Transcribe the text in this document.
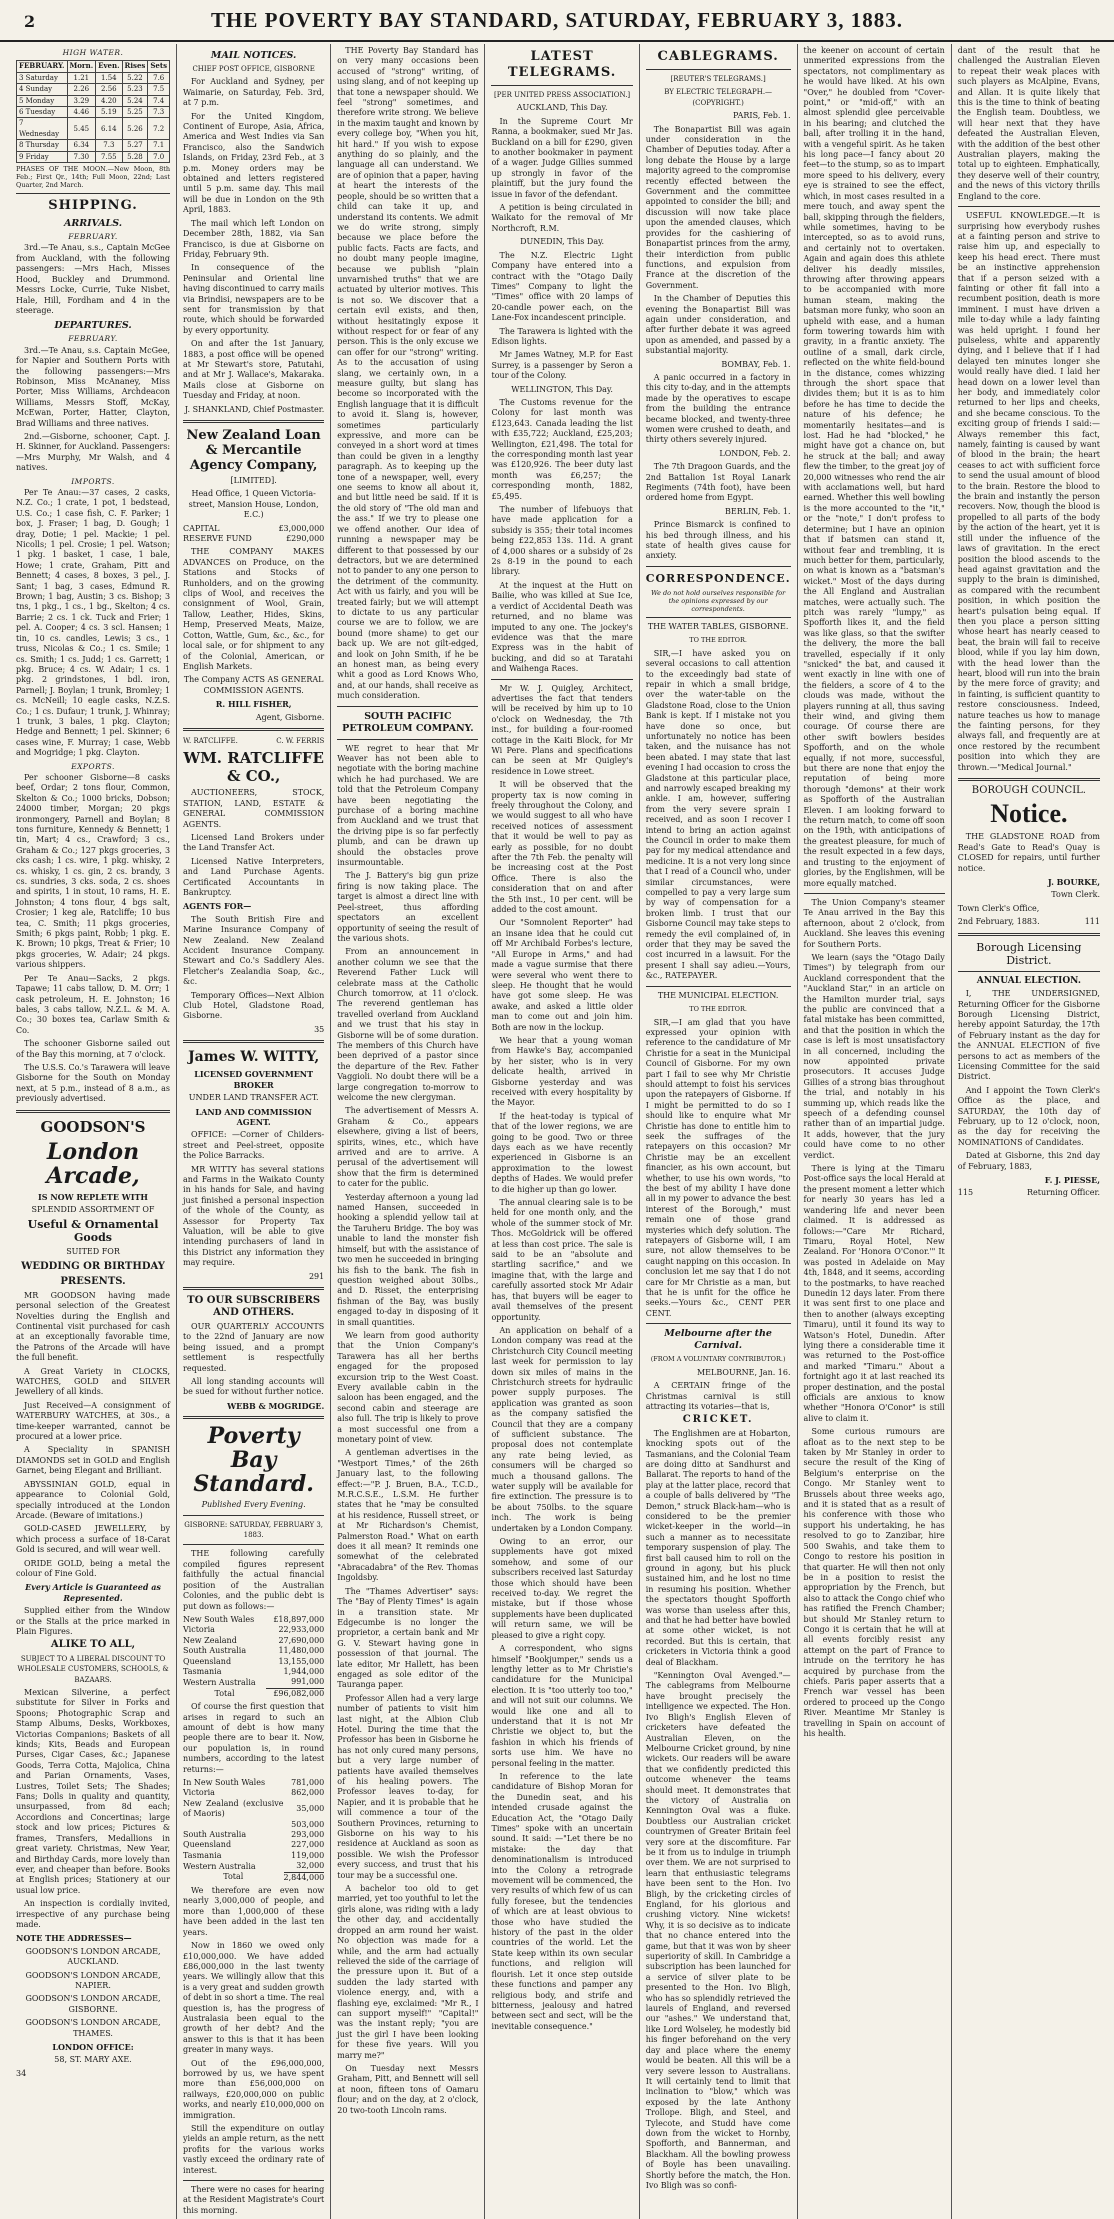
2	THE POVERTY BAY STANDARD, SATURDAY, FEBRUARY 3, 1883.
HIGH WATER.
FEBRUARY.	Morn.	Even.	Rises	Sets
3 Saturday	1.21	1.54	5.22	7.6
4 Sunday	2.26	2.56	5.23	7.5
5 Monday	3.29	4.20	5.24	7.4
6 Tuesday	4.46	5.19	5.25	7.3
7 Wednesday	5.45	6.14	5.26	7.2
8 Thursday	6.34	7.3	5.27	7.1
9 Friday	7.30	7.55	5.28	7.0

PHASES OF THE MOON.—New Moon, 8th Feb.; First Qr., 14th; Full Moon, 22nd; Last Quarter, 2nd March.

SHIPPING.
ARRIVALS.
FEBRUARY.

3rd.—Te Anau, s.s., Captain McGee from Auckland, with the following passengers: —Mrs Hach, Misses Hood, Buckley and Drummond. Messrs Locke, Currie, Tuke Nisbet, Hale, Hill, Fordham and 4 in the steerage.

DEPARTURES.
FEBRUARY.

3rd.—Te Anau, s.s. Captain McGee, for Napier and Southern Ports with the following passengers:—Mrs Robinson, Miss McAnaney, Miss Porter, Miss Williams, Archdeacon Williams, Messrs Stoff, McKay, McEwan, Porter, Hatter, Clayton, Brad Williams and three natives.

2nd.—Gisborne, schooner, Capt. J. H. Skinner, for Auckland. Passengers: —Mrs Murphy, Mr Walsh, and 4 natives.

IMPORTS.

Per Te Anau:—37 cases, 2 casks, N.Z. Co.; 1 crate, 1 pot, 1 bedstead, U.S. Co.; 1 case fish, C. F. Parker; 1 box, J. Fraser; 1 bag, D. Gough; 1 dray, Dotie; 1 pel. Mackie; 1 pel. Nicolls; 1 pel. Crosie; 1 pel. Watson; 1 pkg. 1 basket, 1 case, 1 bale, Howe; 1 crate, Graham, Pitt and Bennett; 4 cases, 8 boxes, 3 pel., J. Sant; 1 bag, 3 cases, Edmund R. Brown; 1 bag, Austin; 3 cs. Bishop; 3 tns, 1 pkg., 1 cs., 1 bg., Skelton; 4 cs. Barrie; 2 cs. 1 ck. Tuck and Frier; 1 pel. A. Cooper; 4 cs. 3 scl. Hansen; 1 tin, 10 cs. candles, Lewis; 3 cs., 1 truss, Nicolas & Co.; 1 cs. Smile; 1 cs. Smith; 1 cs. Judd; 1 cs. Garrett; 1 pkg. Bruce; 4 cs. W. Adair; 1 cs. 1 pkg. 2 grindstones, 1 bdl. iron, Parnell; J. Boylan; 1 trunk, Bromley; 1 cs. McNeill; 10 eagle casks, N.Z.S. Co.; 1 cs. Dufaur; 1 trunk, J. Whinray; 1 trunk, 3 bales, 1 pkg. Clayton; Hedge and Bennett; 1 pel. Skinner; 6 cases wine, F. Murray; 1 case, Webb and Mogridge; 1 pkg. Clayton.

EXPORTS.

Per schooner Gisborne—8 casks beef, Ordar; 2 tons flour, Common, Skelton & Co.; 1000 bricks, Dobson; 24000 timber, Morgan; 20 pkgs ironmongery, Parnell and Boylan; 8 tons furniture, Kennedy & Bennett; 1 tin, Mart; 4 cs., Crawford; 3 cs., Graham & Co.; 127 pkgs groceries, 3 cks cash; 1 cs. wire, 1 pkg. whisky, 2 cs. whisky, 1 cs. gin, 2 cs. brandy, 3 cs. sundries, 3 cks. soda, 2 cs. shoes and spirits, 1 in stout, 10 rams, H. E. Johnston; 4 tons flour, 4 bgs salt, Crosier; 1 keg ale, Ratcliffe; 10 bus tea, C. Smith; 11 pkgs groceries, Smith; 6 pkgs paint, Robb; 1 pkg. E. K. Brown; 10 pkgs, Treat & Frier; 10 pkgs groceries, W. Adair; 24 pkgs. various shippers.

Per Te Anau—Sacks, 2 pkgs. Tapawe; 11 cabs tallow, D. M. Orr; 1 cask petroleum, H. E. Johnston; 16 bales, 3 cabs tallow, N.Z.L. & M. A. Co.; 30 boxes tea, Carlaw Smith & Co.

The schooner Gisborne sailed out of the Bay this morning, at 7 o'clock.

The U.S.S. Co.'s Tarawera will leave Gisborne for the South on Monday next, at 5 p.m., instead of 8 a.m., as previously advertised.

GOODSON'S
London Arcade,

IS NOW REPLETE WITH

SPLENDID ASSORTMENT OF

Useful & Ornamental Goods

SUITED FOR

WEDDING OR BIRTHDAY

PRESENTS.

MR GOODSON having made personal selection of the Greatest Novelties during the English and Continental visit purchased for cash at an exceptionally favorable time, the Patrons of the Arcade will have the full benefit.

A Great Variety in CLOCKS, WATCHES, GOLD and SILVER Jewellery of all kinds.

Just Received—A consignment of WATERBURY WATCHES, at 30s., a time-keeper warranted, cannot be procured at a lower price.

A Speciality in SPANISH DIAMONDS set in GOLD and English Garnet, being Elegant and Brilliant.

ABYSSINIAN GOLD, equal in appearance to Colonial Gold, specially introduced at the London Arcade. (Beware of imitations.)

GOLD-CASED JEWELLERY, by which process a surface of 18-Carat Gold is secured, and will wear well.

ORIDE GOLD, being a metal the colour of Fine Gold.

Every Article is Guaranteed as Represented.

Supplied either from the Window or the Stalls at the price marked in Plain Figures.

ALIKE TO ALL,

SUBJECT TO A LIBERAL DISCOUNT TO WHOLESALE CUSTOMERS, SCHOOLS, & BAZAARS.

Mexican Silverine, a perfect substitute for Silver in Forks and Spoons; Photographic Scrap and Stamp Albums, Desks, Workboxes, Victorias Companions; Baskets of all kinds; Kits, Beads and European Purses, Cigar Cases, &c.; Japanese Goods, Terra Cotta, Majolica, China and Parian Ornaments, Vases, Lustres, Toilet Sets; The Shades; Fans; Dolls in quality and quantity, unsurpassed, from 8d each; Accordions and Concertinas; large stock and low prices; Pictures & frames, Transfers, Medallions in great variety. Christmas, New Year, and Birthday Cards, more lovely than ever, and cheaper than before. Books at English prices; Stationery at our usual low price.

An inspection is cordially invited, irrespective of any purchase being made.

NOTE THE ADDRESSES—

GOODSON'S LONDON ARCADE, AUCKLAND.

GOODSON'S LONDON ARCADE, NAPIER.

GOODSON'S LONDON ARCADE, GISBORNE.

GOODSON'S LONDON ARCADE, THAMES.

LONDON OFFICE:

58, ST. MARY AXE.

34

MAIL NOTICES.

CHIEF POST OFFICE, GISBORNE

For Auckland and Sydney, per Waimarie, on Saturday, Feb. 3rd, at 7 p.m.

For the United Kingdom, Continent of Europe, Asia, Africa, America and West Indies via San Francisco, also the Sandwich Islands, on Friday, 23rd Feb., at 3 p.m. Money orders may be obtained and letters registered until 5 p.m. same day. This mail will be due in London on the 9th April, 1883.

The mail which left London on December 28th, 1882, via San Francisco, is due at Gisborne on Friday, February 9th.

In consequence of the Peninsular and Oriental line having discontinued to carry mails via Brindisi, newspapers are to be sent for transmission by that route, which should be forwarded by every opportunity.

On and after the 1st January, 1883, a post office will be opened at Mr Stewart's store, Patutahi, and at Mr J. Wallace's, Makaraka. Mails close at Gisborne on Tuesday and Friday, at noon.

J. SHANKLAND, Chief Postmaster.

New Zealand Loan & Mercantile Agency Company,

[LIMITED].

Head Office, 1 Queen Victoria-street, Mansion House, London, E.C.)

CAPITAL	£3,000,000
RESERVE FUND	£290,000

THE COMPANY MAKES ADVANCES on Produce, on the Stations and Stocks of Runholders, and on the growing clips of Wool, and receives the consignment of Wool, Grain, Tallow, Leather, Hides, Skins, Hemp, Preserved Meats, Maize, Cotton, Wattle, Gum, &c., &c., for local sale, or for shipment to any of the Colonial, American, or English Markets.

The Company ACTS AS GENERAL COMMISSION AGENTS.

R. HILL FISHER,

Agent, Gisborne.

W. RATCLIFFE.	C. W. FERRIS
WM. RATCLIFFE & CO.,

AUCTIONEERS, STOCK, STATION, LAND, ESTATE & GENERAL COMMISSION AGENTS.

Licensed Land Brokers under the Land Transfer Act.

Licensed Native Interpreters, and Land Purchase Agents. Certificated Accountants in Bankruptcy.

AGENTS FOR—

The South British Fire and Marine Insurance Company of New Zealand. New Zealand Accident Insurance Company. Stewart and Co.'s Saddlery Ales. Fletcher's Zealandia Soap, &c., &c.

Temporary Offices—Next Albion Club Hotel, Gladstone Road, Gisborne.

35

James W. WITTY,

LICENSED GOVERNMENT BROKER

UNDER LAND TRANSFER ACT.

LAND AND COMMISSION AGENT.

OFFICE: —Corner of Childers-street and Peel-street, opposite the Police Barracks.

MR WITTY has several stations and Farms in the Waikato County in his hands for Sale, and having just finished a personal inspection of the whole of the County, as Assessor for Property Tax Valuation, will be able to give intending purchasers of land in this District any information they may require.

291

TO OUR SUBSCRIBERS AND OTHERS.

OUR QUARTERLY ACCOUNTS to the 22nd of January are now being issued, and a prompt settlement is respectfully requested.

All long standing accounts will be sued for without further notice.

WEBB & MOGRIDGE.

Poverty Bay Standard.

Published Every Evening.

GISBORNE: SATURDAY, FEBRUARY 3, 1883.

THE following carefully compiled figures represent faithfully the actual financial position of the Australian Colonies, and the public debt is put down as follows:—

New South Wales	£18,897,000
Victoria	22,933,000
New Zealand	27,690,000
South Australia	11,480,000
Queensland	13,155,000
Tasmania	1,944,000
Western Australia	991,000
Total	£96,082,000

Of course the first question that arises in regard to such an amount of debt is how many people there are to bear it. Now, our population is, in round numbers, according to the latest returns:—

In New South Wales	781,000
Victoria	862,000
New Zealand (exclusive of Maoris)	35,000
	503,000
South Australia	293,000
Queensland	227,000
Tasmania	119,000
Western Australia	32,000
Total	2,844,000

We therefore are even now nearly 3,000,000 of people, and more than 1,000,000 of these have been added in the last ten years.

Now in 1860 we owed only £10,000,000. We have added £86,000,000 in the last twenty years. We willingly allow that this is a very great and sudden growth of debt in so short a time. The real question is, has the progress of Australasia been equal to the growth of her debt? And the answer to this is that it has been greater in many ways.

Out of the £96,000,000, borrowed by us, we have spent more than £56,000,000 on railways, £20,000,000 on public works, and nearly £10,000,000 on immigration.

Still the expenditure on outlay yields an ample return, as the nett profits for the various works vastly exceed the ordinary rate of interest.

There were no cases for hearing at the Resident Magistrate's Court this morning.

THE Poverty Bay Standard has on very many occasions been accused of "strong" writing, of using slang, and of not keeping up that tone a newspaper should. We feel "strong" sometimes, and therefore write strong. We believe in the maxim taught and known by every college boy, "When you hit, hit hard." If you wish to expose anything do so plainly, and the language all can understand. We are of opinion that a paper, having at heart the interests of the people, should be so written that a child can take it up, and understand its contents. We admit we do write strong, simply because we place before the public facts. Facts are facts, and no doubt many people imagine, because we publish "plain unvarnished truths" that we are actuated by ulterior motives. This is not so. We discover that a certain evil exists, and then, without hesitatingly expose it without respect for or fear of any person. This is the only excuse we can offer for our "strong" writing. As to the accusation of using slang, we certainly own, in a measure guilty, but slang has become so incorporated with the English language that it is difficult to avoid it. Slang is, however, sometimes particularly expressive, and more can be conveyed in a short word at times than could be given in a lengthy paragraph. As to keeping up the tone of a newspaper, well, every one seems to know all about it, and but little need be said. If it is the old story of "The old man and the ass." If we try to please one we offend another. Our idea of running a newspaper may be different to that possessed by our detractors, but we are determined not to pander to any one person to the detriment of the community. Act with us fairly, and you will be treated fairly; but we will attempt to dictate to us any particular course we are to follow, we are bound (more shame) to get our back up. We are not gilt-edged, and look on John Smith, if he be an honest man, as being every whit a good as Lord Knows Who, and, at our hands, shall receive as much consideration.

SOUTH PACIFIC PETROLEUM COMPANY.

WE regret to hear that Mr Weaver has not been able to negotiate with the boring machine which he had purchased. We are told that the Petroleum Company have been negotiating the purchase of a boring machine from Auckland and we trust that the driving pipe is so far perfectly plumb, and can be drawn up should the obstacles prove insurmountable.

The J. Battery's big gun prize firing is now taking place. The target is almost a direct line with Peel-street, thus affording spectators an excellent opportunity of seeing the result of the various shots.

From an announcement in another column we see that the Reverend Father Luck will celebrate mass at the Catholic Church tomorrow, at 11 o'clock. The reverend gentleman has travelled overland from Auckland and we trust that his stay in Gisborne will be of some duration. The members of this Church have been deprived of a pastor since the departure of the Rev. Father Vaggioli. No doubt there will be a large congregation to-morrow to welcome the new clergyman.

The advertisement of Messrs A. Graham & Co., appears elsewhere, giving a list of beers, spirits, wines, etc., which have arrived and are to arrive. A perusal of the advertisement will show that the firm is determined to cater for the public.

Yesterday afternoon a young lad named Hansen, succeeded in hooking a splendid yellow tail at the Taruheru Bridge. The boy was unable to land the monster fish himself, but with the assistance of two men he succeeded in bringing his fish to the bank. The fish in question weighed about 30lbs., and D. Risset, the enterprising fishman of the Bay, was busily engaged to-day in disposing of it in small quantities.

We learn from good authority that the Union Company's Tarawera has all her berths engaged for the proposed excursion trip to the West Coast. Every available cabin in the saloon has been engaged, and the second cabin and steerage are also full. The trip is likely to prove a most successful one from a monetary point of view.

A gentleman advertises in the "Westport Times," of the 26th January last, to the following effect:—"P. J. Bruen, B.A., T.C.D., M.R.C.S.E., L.S.M. He further states that he "may be consulted at his residence, Russell street, or at Mr Richardson's Chemist, Palmerston Road." What on earth does it all mean? It reminds one somewhat of the celebrated "Abracadabra" of the Rev. Thomas Ingoldsby.

The "Thames Advertiser" says: The "Bay of Plenty Times" is again in a transition state. Mr Edgecumbe is no longer the proprietor, a certain bank and Mr G. V. Stewart having gone in possession of that journal. The late editor, Mr Hallett, has been engaged as sole editor of the Tauranga paper.

Professor Allen had a very large number of patients to visit him last night, at the Albion Club Hotel. During the time that the Professor has been in Gisborne he has not only cured many persons, but a very large number of patients have availed themselves of his healing powers. The Professor leaves to-day, for Napier, and it is probable that he will commence a tour of the Southern Provinces, returning to Gisborne on his way to his residence at Auckland as soon as possible. We wish the Professor every success, and trust that his tour may be a successful one.

A bachelor too old to get married, yet too youthful to let the girls alone, was riding with a lady the other day, and accidentally dropped an arm round her waist. No objection was made for a while, and the arm had actually relieved the side of the carriage of the pressure upon it. But of a sudden the lady started with violence energy, and, with a flashing eye, exclaimed: "Mr R., I can support myself!" "Capital!" was the instant reply; "you are just the girl I have been looking for these five years. Will you marry me?"

On Tuesday next Messrs Graham, Pitt, and Bennett will sell at noon, fifteen tons of Oamaru flour; and on the day, at 2 o'clock, 20 two-tooth Lincoln rams.

LATEST TELEGRAMS.

[PER UNITED PRESS ASSOCIATION.]

AUCKLAND, This Day.

In the Supreme Court Mr Ranna, a bookmaker, sued Mr Jas. Buckland on a bill for £290, given to another bookmaker in payment of a wager. Judge Gillies summed up strongly in favor of the plaintiff, but the jury found the issue in favor of the defendant.

A petition is being circulated in Waikato for the removal of Mr Northcroft, R.M.

DUNEDIN, This Day.

The N.Z. Electric Light Company have entered into a contract with the "Otago Daily Times" Company to light the "Times" office with 20 lamps of 20-candle power each, on the Lane-Fox incandescent principle.

The Tarawera is lighted with the Edison lights.

Mr James Watney, M.P. for East Surrey, is a passenger by Seron a tour of the Colony.

WELLINGTON, This Day.

The Customs revenue for the Colony for last month was £123,643. Canada leading the list with £35,722; Auckland, £25,203; Wellington, £21,498. The total for the corresponding month last year was £120,926. The beer duty last month was £6,257; the corresponding month, 1882, £5,495.

The number of lifebuoys that have made application for a subsidy is 355; their total incomes being £22,853 13s. 11d. A grant of 4,000 shares or a subsidy of 2s 2s 8-19 in the pound to each library.

At the inquest at the Hutt on Bailie, who was killed at Sue Ice, a verdict of Accidental Death was returned, and no blame was imputed to any one. The jockey's evidence was that the mare Express was in the habit of bucking, and did so at Taratahi and Waihenga Races.

Mr W. J. Quigley, Architect, advertises the fact that tenders will be received by him up to 10 o'clock on Wednesday, the 7th inst., for building a four-roomed cottage in the Kaiti Block, for Mr Wi Pere. Plans and specifications can be seen at Mr Quigley's residence in Lowe street.

It will be observed that the property tax is now coming in freely throughout the Colony, and we would suggest to all who have received notices of assessment that it would be well to pay as early as possible, for no doubt after the 7th Feb. the penalty will be increasing cost at the Post Office. There is also the consideration that on and after the 5th inst., 10 per cent. will be added to the cost amount.

Our "Somnolent Reporter" had an insane idea that he could cut off Mr Archibald Forbes's lecture, "All Europe in Arms," and had made a vague surmise that there were several who went there to sleep. He thought that he would have got some sleep. He was awake, and asked a little older man to come out and join him. Both are now in the lockup.

We hear that a young woman from Hawke's Bay, accompanied by her sister, who is in very delicate health, arrived in Gisborne yesterday and was received with every hospitality by the Mayor.

If the heat-today is typical of that of the lower regions, we are going to be good. Two or three days each as we have recently experienced in Gisborne is an approximation to the lowest depths of Hades. We would prefer to die higher up than go lower.

The annual clearing sale is to be held for one month only, and the whole of the summer stock of Mr. Thos. McGoldrick will be offered at less than cost price. The sale is said to be an "absolute and startling sacrifice," and we imagine that, with the large and carefully assorted stock Mr Adair has, that buyers will be eager to avail themselves of the present opportunity.

An application on behalf of a London company was read at the Christchurch City Council meeting last week for permission to lay down six miles of mains in the Christchurch streets for hydraulic power supply purposes. The application was granted as soon as the company satisfied the Council that they are a company of sufficient substance. The proposal does not contemplate any rate being levied, as consumers will be charged so much a thousand gallons. The water supply will be available for fire extinction. The pressure is to be about 750lbs. to the square inch. The work is being undertaken by a London Company.

Owing to an error, our supplements have got mixed somehow, and some of our subscribers received last Saturday those which should have been received to-day. We regret the mistake, but if those whose supplements have been duplicated will return same, we will be pleased to give a right copy.

A correspondent, who signs himself "Bookjumper," sends us a lengthy letter as to Mr Christie's candidature for the Municipal election. It is "too utterly too too," and will not suit our columns. We would like one and all to understand that it is not Mr Christie we object to, but the fashion in which his friends of sorts use him. We have no personal feeling in the matter.

In reference to the late candidature of Bishop Moran for the Dunedin seat, and his intended crusade against the Education Act, the "Otago Daily Times" spoke with an uncertain sound. It said: —"Let there be no mistake: the day that denominationalism is introduced into the Colony a retrograde movement will be commenced, the very results of which few of us can fully foresee, but the tendencies of which are at least obvious to those who have studied the history of the past in the older countries of the world. Let the State keep within its own secular functions, and religion will flourish. Let it once step outside these functions and pamper any religious body, and strife and bitterness, jealousy and hatred between sect and sect, will be the inevitable consequence."

CABLEGRAMS.

[REUTER'S TELEGRAMS.]

BY ELECTRIC TELEGRAPH.—(COPYRIGHT.)

PARIS, Feb. 1.

The Bonapartist Bill was again under consideration in the Chamber of Deputies today. After a long debate the House by a large majority agreed to the compromise recently effected between the Government and the committee appointed to consider the bill; and discussion will now take place upon the amended clauses, which provides for the cashiering of Bonapartist princes from the army, their interdiction from public functions, and expulsion from France at the discretion of the Government.

In the Chamber of Deputies this evening the Bonapartist Bill was again under consideration, and after further debate it was agreed upon as amended, and passed by a substantial majority.

BOMBAY, Feb. 1.

A panic occurred in a factory in this city to-day, and in the attempts made by the operatives to escape from the building the entrance became blocked, and twenty-three women were crushed to death, and thirty others severely injured.

LONDON, Feb. 2.

The 7th Dragoon Guards, and the 2nd Battalion 1st Royal Lanark Regiments (74th foot), have been ordered home from Egypt.

BERLIN, Feb. 1.

Prince Bismarck is confined to his bed through illness, and his state of health gives cause for anxiety.

CORRESPONDENCE.

We do not hold ourselves responsible for the opinions expressed by our correspondents.

THE WATER TABLES, GISBORNE.

TO THE EDITOR.

SIR,—I have asked you on several occasions to call attention to the exceedingly bad state of repair in which a small bridge, over the water-table on the Gladstone Road, close to the Union Bank is kept. If I mistake not you have done so once, but unfortunately no notice has been taken, and the nuisance has not been abated. I may state that last evening I had occasion to cross the Gladstone at this particular place, and narrowly escaped breaking my ankle. I am, however, suffering from the very severe sprain I received, and as soon I recover I intend to bring an action against the Council in order to make them pay for my medical attendance and medicine. It is a not very long since that I read of a Council who, under similar circumstances, were compelled to pay a very large sum by way of compensation for a broken limb. I trust that our Gisborne Council may take steps to remedy the evil complained of, in order that they may be saved the cost incurred in a lawsuit. For the present I shall say adieu.—Yours, &c., RATEPAYER.

THE MUNICIPAL ELECTION.

TO THE EDITOR.

SIR,—I am glad that you have expressed your opinion with reference to the candidature of Mr Christie for a seat in the Municipal Council of Gisborne. For my own part I fail to see why Mr Christie should attempt to foist his services upon the ratepayers of Gisborne. If I might be permitted to do so I should like to enquire what Mr Christie has done to entitle him to seek the suffrages of the ratepayers on this occasion? Mr Christie may be an excellent financier, as his own account, but whether, to use his own words, "to the best of my ability I have done all in my power to advance the best interest of the Borough," must remain one of those grand mysteries which defy solution. The ratepayers of Gisborne will, I am sure, not allow themselves to be caught napping on this occasion. In conclusion let me say that I do not care for Mr Christie as a man, but that he is unfit for the office he seeks.—Yours &c., CENT PER CENT.

Melbourne after the Carnival.

(FROM A VOLUNTARY CONTRIBUTOR.)

MELBOURNE, Jan. 16.

A CERTAIN fringe of the Christmas carnival is still attracting its votaries—that is,

CRICKET.

The Englishmen are at Hobarton, knocking spots out of the Tasmanians, and the Colonial Team are doing ditto at Sandhurst and Ballarat. The reports to hand of the play at the latter place, record that a couple of balls delivered by "The Demon," struck Black-ham—who is considered to be the premier wicket-keeper in the world—in such a manner as to necessitate temporary suspension of play. The first ball caused him to roll on the ground in agony, but his pluck sustained him, and he lost no time in resuming his position. Whether the spectators thought Spofforth was worse than useless after this, and that he had better have bowled at some other wicket, is not recorded. But this is certain, that cricketers in Victoria think a good deal of Blackham.

"Kennington Oval Avenged."—The cablegrams from Melbourne have brought precisely the intelligence we expected. The Hon. Ivo Bligh's English Eleven of cricketers have defeated the Australian Eleven, on the Melbourne Cricket ground, by nine wickets. Our readers will be aware that we confidently predicted this outcome whenever the teams should meet. It demonstrates that the victory of Australia on Kennington Oval was a fluke. Doubtless our Australian cricket countrymen of Greater Britain feel very sore at the discomfiture. Far be it from us to indulge in triumph over them. We are not surprised to learn that enthusiastic telegrams have been sent to the Hon. Ivo Bligh, by the cricketing circles of England, for his glorious and crushing victory. Nine wickets! Why, it is so decisive as to indicate that no chance entered into the game, but that it was won by sheer superiority of skill. In Cambridge a subscription has been launched for a service of silver plate to be presented to the Hon. Ivo Bligh, who has so splendidly retrieved the laurels of England, and reversed our "ashes." We understand that, like Lord Wolseley, he modestly bid his finger beforehand on the very day and place where the enemy would be beaten. All this will be a very severe lesson to Australians. It will certainly tend to limit that inclination to "blow," which was exposed by the late Anthony Trollope. Bligh, and Steel, and Tylecote, and Studd have come down from the wicket to Hornby, Spofforth, and Bannerman, and Blackham. All the bowling prowess of Boyle has been unavailing. Shortly before the match, the Hon. Ivo Bligh was so confi-

the keener on account of certain unmerited expressions from the spectators, not complimentary as he would have liked. At his own "Over," he doubled from "Cover-point," or "mid-off," with an almost splendid glee perceivable in his bearing; and clutched the ball, after trolling it in the hand, with a vengeful spirit. As he taken his long pace—I fancy about 20 feet—to the stump, so as to impart more speed to his delivery, every eye is strained to see the effect, which, in most cases resulted in a mere touch, and away spent the ball, skipping through the fielders, while sometimes, having to be intercepted, so as to avoid runs, and certainly not to overtaken. Again and again does this athlete deliver his deadly missiles, throwing after throwing appears to be accompanied with more human steam, making the batsman more funky, who soon an upheld with ease, and a human form towering towards him with gravity, in a frantic anxiety. The outline of a small, dark circle, reflected on the white field-bound in the distance, comes whizzing through the short space that divides them; but it is as to him before he has time to decide the nature of his defence; he momentarily hesitates—and is lost. Had he had "blocked," he might have got a chance on, but he struck at the ball; and away flew the timber, to the great joy of 20,000 witnesses who rend the air with acclamations well, but hard earned. Whether this well bowling is the more accounted to the "it," or the "note," I don't profess to determine; but I have an opinion that if batsmen can stand it, without fear and trembling, it is much better for them, particularly, on what is known as a "batsman's wicket." Most of the days during the All England and Australian matches, were actually such. The pitch was rarely "lumpy," as Spofforth likes it, and the field was like glass, so that the swifter the delivery, the more the ball travelled, especially if it only "snicked" the bat, and caused it went exactly in line with one of the fielders, a score of 4 to the clouds was made, without the players running at all, thus saving their wind, and giving them courage. Of course there are other swift bowlers besides Spofforth, and on the whole equally, if not more, successful, but there are none that enjoy the reputation of being more thorough "demons" at their work as Spofforth of the Australian Eleven. I am looking forward to the return match, to come off soon on the 19th, with anticipations of the greatest pleasure, for much of the result expected in a few days, and trusting to the enjoyment of glories, by the Englishmen, will be more equally matched.

The Union Company's steamer Te Anau arrived in the Bay this afternoon, about 2 o'clock, from Auckland. She leaves this evening for Southern Ports.

We learn (says the "Otago Daily Times") by telegraph from our Auckland correspondent that the "Auckland Star," in an article on the Hamilton murder trial, says the public are convinced that a fatal mistake has been committed, and that the position in which the case is left is most unsatisfactory in all concerned, including the now appointed private prosecutors. It accuses Judge Gillies of a strong bias throughout the trial, and notably in his summing up, which reads like the speech of a defending counsel rather than of an impartial judge. It adds, however, that the jury could have come to no other verdict.

There is lying at the Timaru Post-office says the local Herald at the present moment a letter which for nearly 30 years has led a wandering life and never been claimed. It is addressed as follows:—"Care Mr Richard, Timaru, Royal Hotel, New Zealand. For 'Honora O'Conor.'" It was posted in Adelaide on May 4th, 1848, and it seems, according to the postmarks, to have reached Dunedin 12 days later. From there it was sent first to one place and then to another (always excepting Timaru), until it found its way to Watson's Hotel, Dunedin. After lying there a considerable time it was returned to the Post-office and marked "Timaru." About a fortnight ago it at last reached its proper destination, and the postal officials are anxious to know whether "Honora O'Conor" is still alive to claim it.

Some curious rumours are afloat as to the next step to be taken by Mr Stanley in order to secure the result of the King of Belgium's enterprise on the Congo. Mr Stanley went to Brussels about three weeks ago, and it is stated that as a result of his conference with those who support his undertaking, he has resolved to go to Zanzibar, hire 500 Swahis, and take them to Congo to restore his position in that quarter. He will then not only be in a position to resist the appropriation by the French, but also to attack the Congo chief who has ratified the French Chamber; but should Mr Stanley return to Congo it is certain that he will at all events forcibly resist any attempt on the part of France to intrude on the territory he has acquired by purchase from the chiefs. Paris paper asserts that a French war vessel has been ordered to proceed up the Congo River. Meantime Mr Stanley is travelling in Spain on account of his health.

dant of the result that he challenged the Australian Eleven to repeat their weak places with such players as McAlpine, Evans, and Allan. It is quite likely that this is the time to think of beating the English team. Doubtless, we will hear next that they have defeated the Australian Eleven, with the addition of the best other Australian players, making the total up to eighteen. Emphatically, they deserve well of their country, and the news of this victory thrills England to the core.

USEFUL KNOWLEDGE.—It is surprising how everybody rushes at a fainting person and strive to raise him up, and especially to keep his head erect. There must be an instinctive apprehension that if a person seized with a fainting or other fit fall into a recumbent position, death is more imminent. I must have driven a mile to-day while a lady fainting was held upright. I found her pulseless, white and apparently dying, and I believe that if I had delayed ten minutes longer she would really have died. I laid her head down on a lower level than her body, and immediately color returned to her lips and cheeks, and she became conscious. To the exciting group of friends I said:—Always remember this fact, namely, fainting is caused by want of blood in the brain; the heart ceases to act with sufficient force to send the usual amount of blood to the brain. Restore the blood to the brain and instantly the person recovers. Now, though the blood is propelled to all parts of the body by the action of the heart, yet it is still under the influence of the laws of gravitation. In the erect position the blood ascends to the head against gravitation and the supply to the brain is diminished, as compared with the recumbent position, in which position the heart's pulsation being equal. If then you place a person sitting whose heart has nearly ceased to beat, the brain will fail to receive blood, while if you lay him down, with the head lower than the heart, blood will run into the brain by the mere force of gravity; and in fainting, is sufficient quantity to restore consciousness. Indeed, nature teaches us how to manage the fainting persons, for they always fall, and frequently are at once restored by the recumbent position into which they are thrown.—"Medical Journal."

BOROUGH COUNCIL.

Notice.

THE GLADSTONE ROAD from Read's Gate to Read's Quay is CLOSED for repairs, until further notice.

J. BOURKE,

Town Clerk.

Town Clerk's Office,

2nd February, 1883.	111

Borough Licensing District.

ANNUAL ELECTION.

I, THE UNDERSIGNED, Returning Officer for the Gisborne Borough Licensing District, hereby appoint Saturday, the 17th of February instant as the day for the ANNUAL ELECTION of five persons to act as members of the Licensing Committee for the said District.

And I appoint the Town Clerk's Office as the place, and SATURDAY, the 10th day of February, up to 12 o'clock, noon, as the day for receiving the NOMINATIONS of Candidates.

Dated at Gisborne, this 2nd day of February, 1883,

F. J. PIESSE,

115	Returning Officer.
